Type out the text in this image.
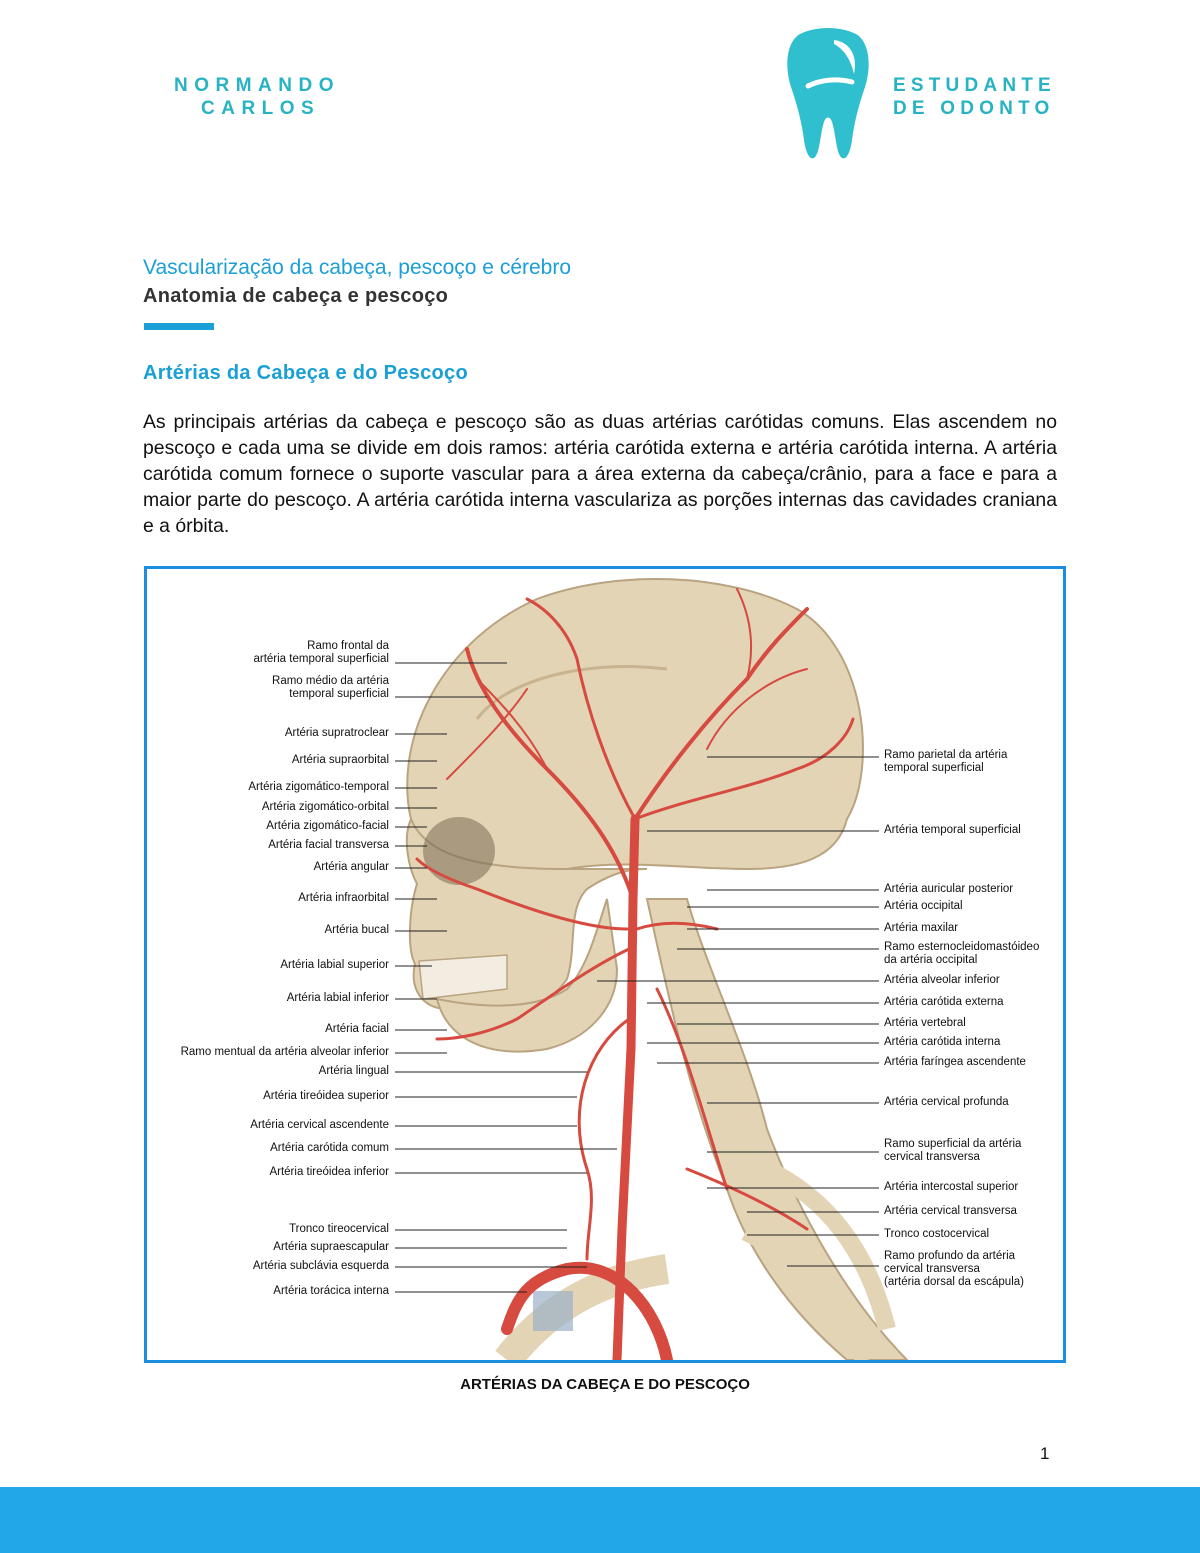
NORMANDO
CARLOS
ESTUDANTE
DE ODONTO
Vascularização da cabeça, pescoço e cérebro
Anatomia de cabeça e pescoço
Artérias da Cabeça e do Pescoço

As principais artérias da cabeça e pescoço são as duas artérias carótidas comuns. Elas ascendem no pescoço e cada uma se divide em dois ramos: artéria carótida externa e artéria carótida interna. A artéria carótida comum fornece o suporte vascular para a área externa da cabeça/crânio, para a face e para a maior parte do pescoço. A artéria carótida interna vasculariza as porções internas das cavidades craniana e a órbita.

Ramo frontal da
artéria temporal superficial
Ramo médio da artéria
temporal superficial
Artéria supratroclear
Artéria supraorbital
Artéria zigomático-temporal
Artéria zigomático-orbital
Artéria zigomático-facial
Artéria facial transversa
Artéria angular
Artéria infraorbital
Artéria bucal
Artéria labial superior
Artéria labial inferior
Artéria facial
Ramo mentual da artéria alveolar inferior
Artéria lingual
Artéria tireóidea superior
Artéria cervical ascendente
Artéria carótida comum
Artéria tireóidea inferior
Tronco tireocervical
Artéria supraescapular
Artéria subclávia esquerda
Artéria torácica interna
Ramo parietal da artéria
temporal superficial
Artéria temporal superficial
Artéria auricular posterior
Artéria occipital
Artéria maxilar
Ramo esternocleidomastóideo
da artéria occipital
Artéria alveolar inferior
Artéria carótida externa
Artéria vertebral
Artéria carótida interna
Artéria faríngea ascendente
Artéria cervical profunda
Ramo superficial da artéria
cervical transversa
Artéria intercostal superior
Artéria cervical transversa
Tronco costocervical
Ramo profundo da artéria
cervical transversa
(artéria dorsal da escápula)
ARTÉRIAS DA CABEÇA E DO PESCOÇO
1
